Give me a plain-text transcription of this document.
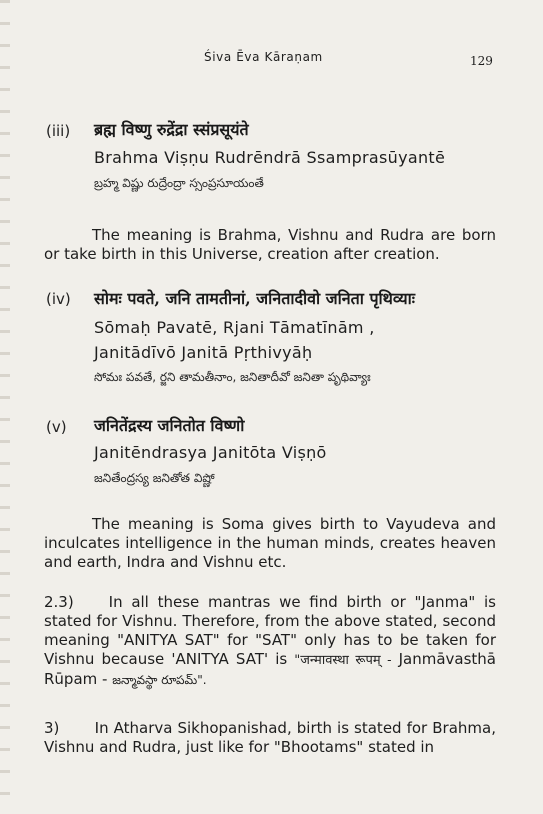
Śiva Ēva Kāraṇam	129
(iii) ब्रह्म विष्णु रुद्रेंद्रा स्संप्रसूयंते
Brahma Viṣṇu Rudrēndrā Ssamprasūyantē
బ్రహ్మ విష్ణు రుద్రేంద్రా స్సంప్రసూయంతే

The meaning is Brahma, Vishnu and Rudra are born or take birth in this Universe, creation after creation.

(iv) सोमः पवते, जनि तामतीनां, जनितादीवो जनिता पृथिव्याः
Sōmaḥ Pavatē, Rjani Tāmatīnām ,
Janitādīvō Janitā Pṛthivyāḥ
సోమః పవతే, ర్జని తామతీనాం, జనితాదీవో జనితా పృథివ్యాః
(v) जनितेंद्रस्य जनितोत विष्णो
Janitēndrasya Janitōta Viṣṇō
జనితేంద్రస్య జనితోత విష్ణో

The meaning is Soma gives birth to Vayudeva and inculcates intelligence in the human minds, creates heaven and earth, Indra and Vishnu etc.

2.3) In all these mantras we find birth or "Janma" is stated for Vishnu. Therefore, from the above stated, second meaning "ANITYA SAT" for "SAT" only has to be taken for Vishnu because 'ANITYA SAT' is "जन्मावस्था रूपम् - Janmāvasthā Rūpam - జన్మావస్థా రూపమ్".

3) In Atharva Sikhopanishad, birth is stated for Brahma, Vishnu and Rudra, just like for "Bhootams" stated in
